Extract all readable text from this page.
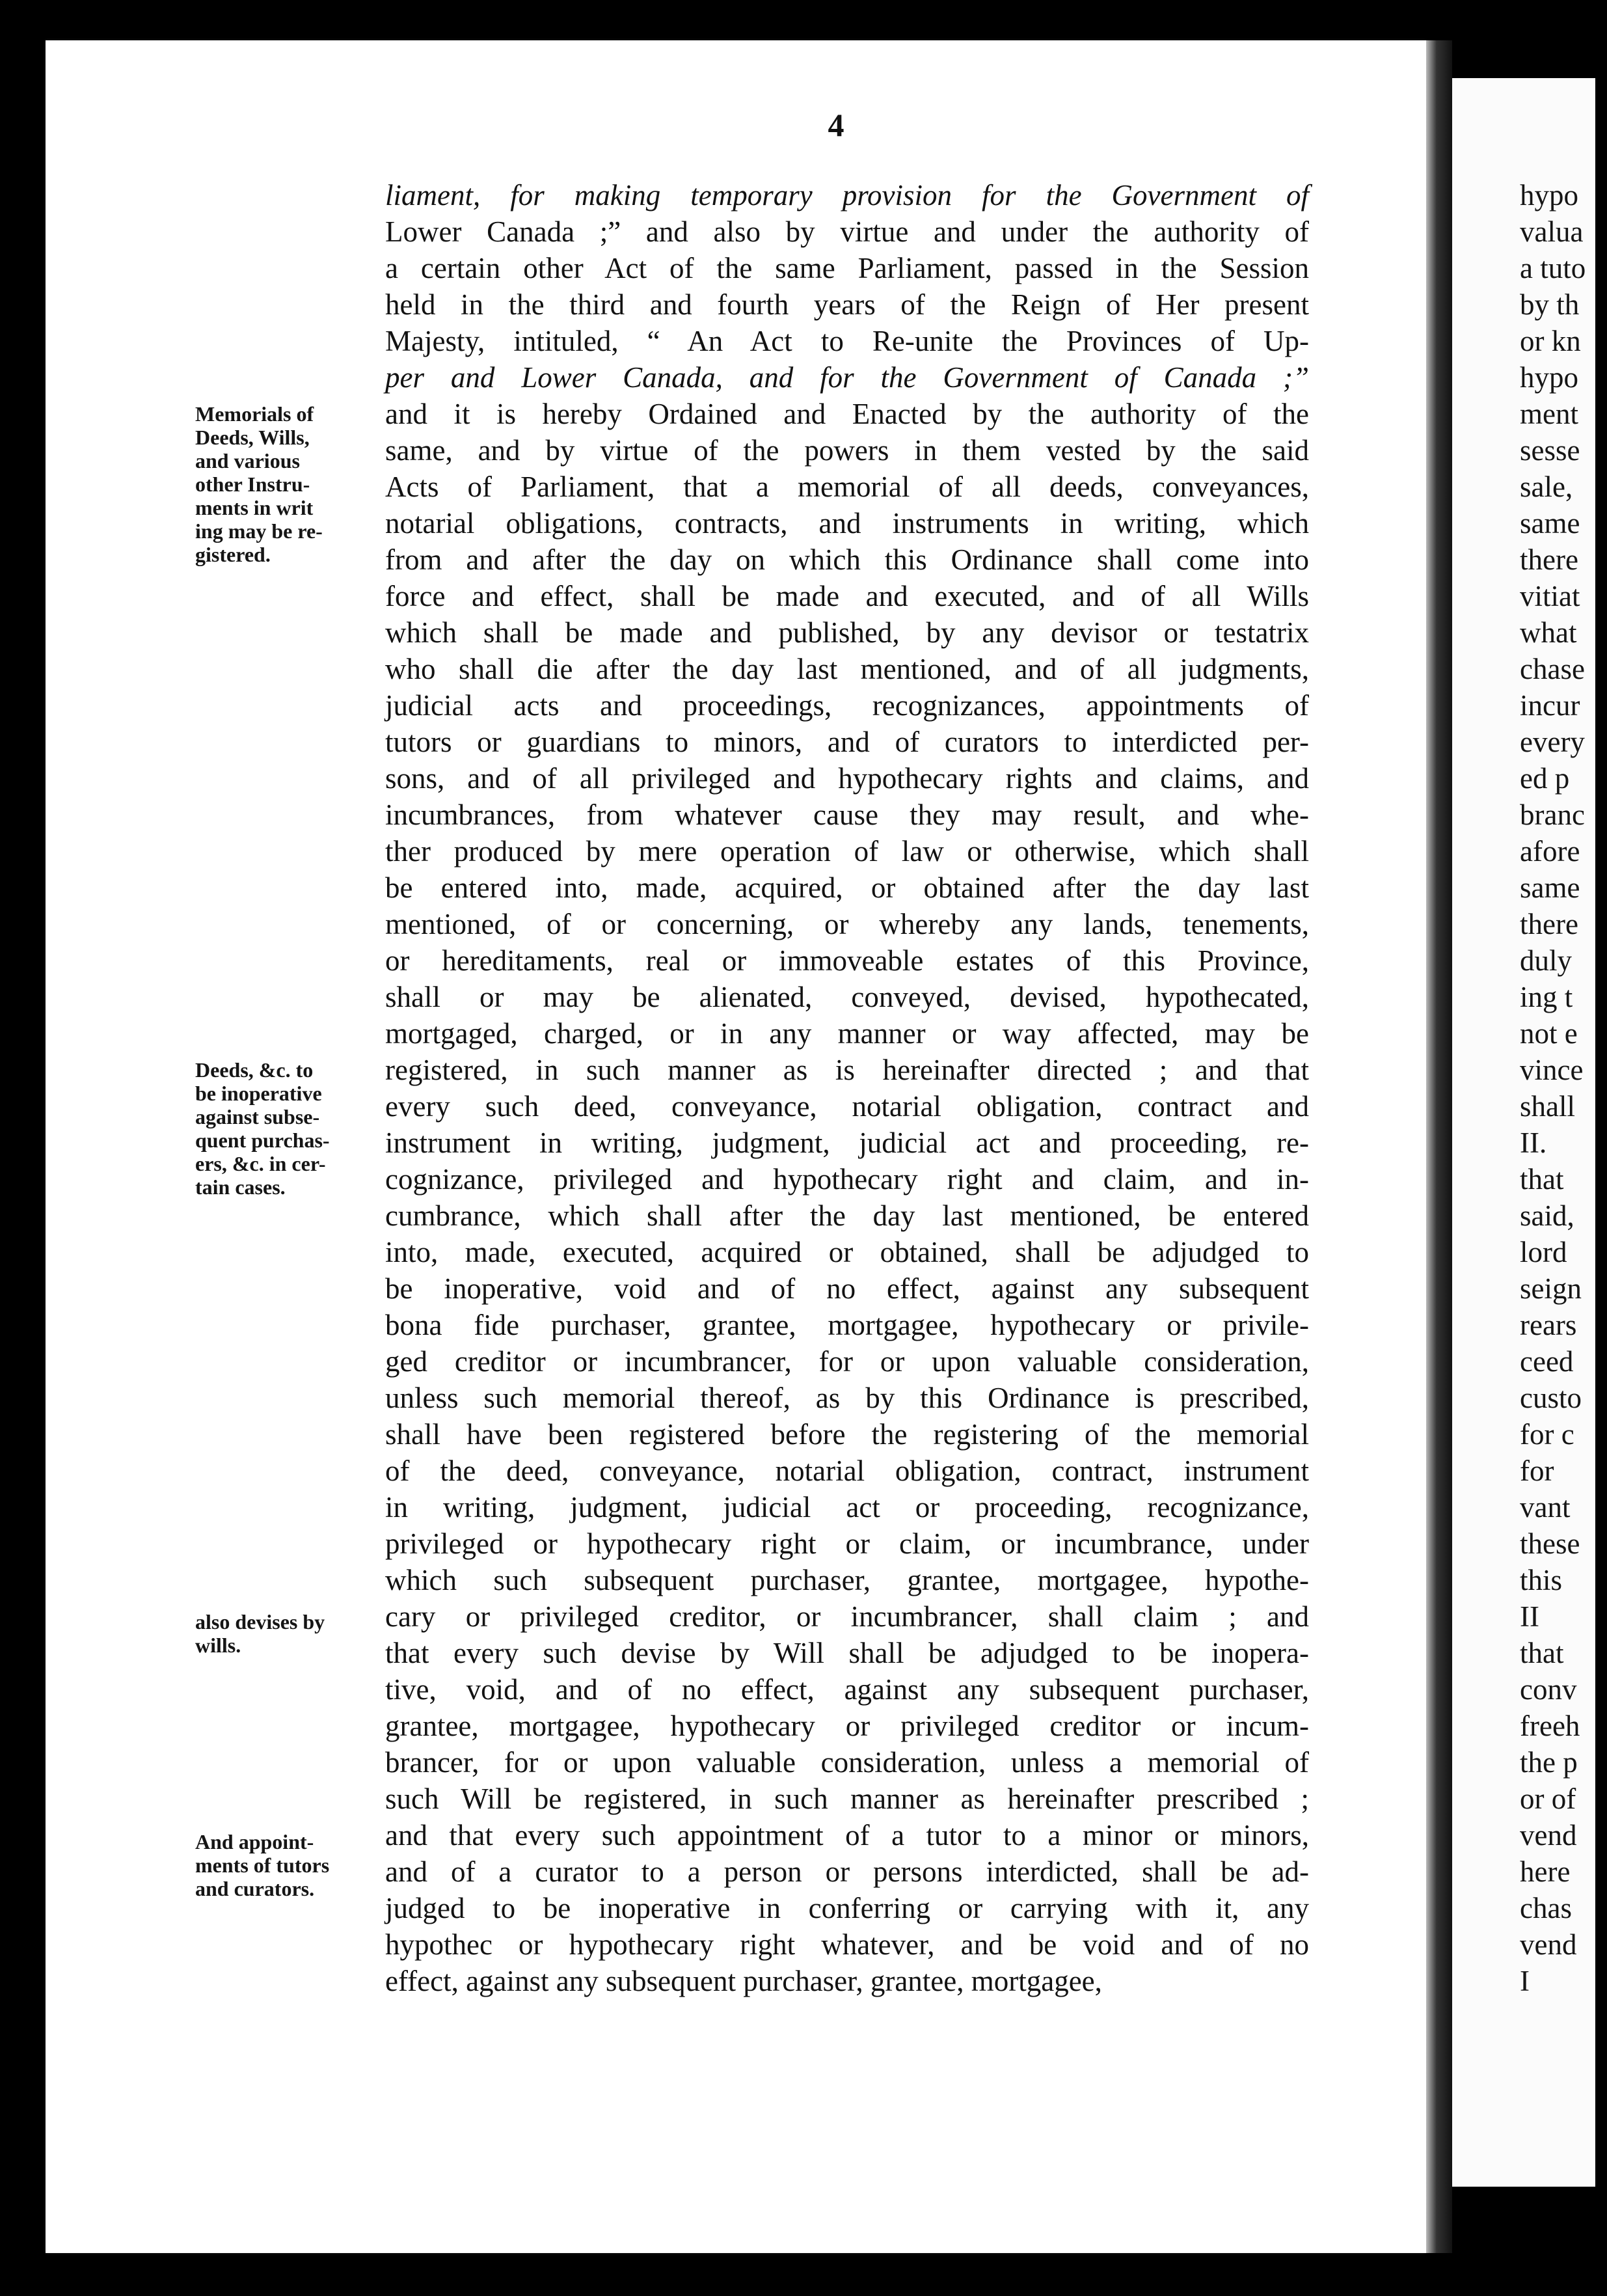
4
liament, for making temporary provision for the Government of
Lower Canada ;” and also by virtue and under the authority of
a certain other Act of the same Parliament, passed in the Session
held in the third and fourth years of the Reign of Her present
Majesty, intituled, “ An Act to Re-unite the Provinces of Up-
per and Lower Canada, and for the Government of Canada ;”
and it is hereby Ordained and Enacted by the authority of the
same, and by virtue of the powers in them vested by the said
Acts of Parliament, that a memorial of all deeds, conveyances,
notarial obligations, contracts, and instruments in writing, which
from and after the day on which this Ordinance shall come into
force and effect, shall be made and executed, and of all Wills
which shall be made and published, by any devisor or testatrix
who shall die after the day last mentioned, and of all judgments,
judicial acts and proceedings, recognizances, appointments of
tutors or guardians to minors, and of curators to interdicted per-
sons, and of all privileged and hypothecary rights and claims, and
incumbrances, from whatever cause they may result, and whe-
ther produced by mere operation of law or otherwise, which shall
be entered into, made, acquired, or obtained after the day last
mentioned, of or concerning, or whereby any lands, tenements,
or hereditaments, real or immoveable estates of this Province,
shall or may be alienated, conveyed, devised, hypothecated,
mortgaged, charged, or in any manner or way affected, may be
registered, in such manner as is hereinafter directed ; and that
every such deed, conveyance, notarial obligation, contract and
instrument in writing, judgment, judicial act and proceeding, re-
cognizance, privileged and hypothecary right and claim, and in-
cumbrance, which shall after the day last mentioned, be entered
into, made, executed, acquired or obtained, shall be adjudged to
be inoperative, void and of no effect, against any subsequent
bona fide purchaser, grantee, mortgagee, hypothecary or privile-
ged creditor or incumbrancer, for or upon valuable consideration,
unless such memorial thereof, as by this Ordinance is prescribed,
shall have been registered before the registering of the memorial
of the deed, conveyance, notarial obligation, contract, instrument
in writing, judgment, judicial act or proceeding, recognizance,
privileged or hypothecary right or claim, or incumbrance, under
which such subsequent purchaser, grantee, mortgagee, hypothe-
cary or privileged creditor, or incumbrancer, shall claim ; and
that every such devise by Will shall be adjudged to be inopera-
tive, void, and of no effect, against any subsequent purchaser,
grantee, mortgagee, hypothecary or privileged creditor or incum-
brancer, for or upon valuable consideration, unless a memorial of
such Will be registered, in such manner as hereinafter prescribed ;
and that every such appointment of a tutor to a minor or minors,
and of a curator to a person or persons interdicted, shall be ad-
judged to be inoperative in conferring or carrying with it, any
hypothec or hypothecary right whatever, and be void and of no
effect, against any subsequent purchaser, grantee, mortgagee,
Memorials of
Deeds, Wills,
and various
other Instru-
ments in writ
ing may be re-
gistered.
Deeds, &c. to
be inoperative
against subse-
quent purchas-
ers, &c. in cer-
tain cases.
also devises by
wills.
And appoint-
ments of tutors
and curators.
hypo
valua
a tuto
by th
or kn
hypo
ment
sesse
sale,
same
there
vitiat
what
chase
incur
every
ed p
branc
afore
same
there
duly
ing t
not e
vince
shall
II.
that
said,
lord
seign
rears
ceed
custo
for c
for
vant
these
this
II
that
conv
freeh
the p
or of
vend
here
chas
vend
I
